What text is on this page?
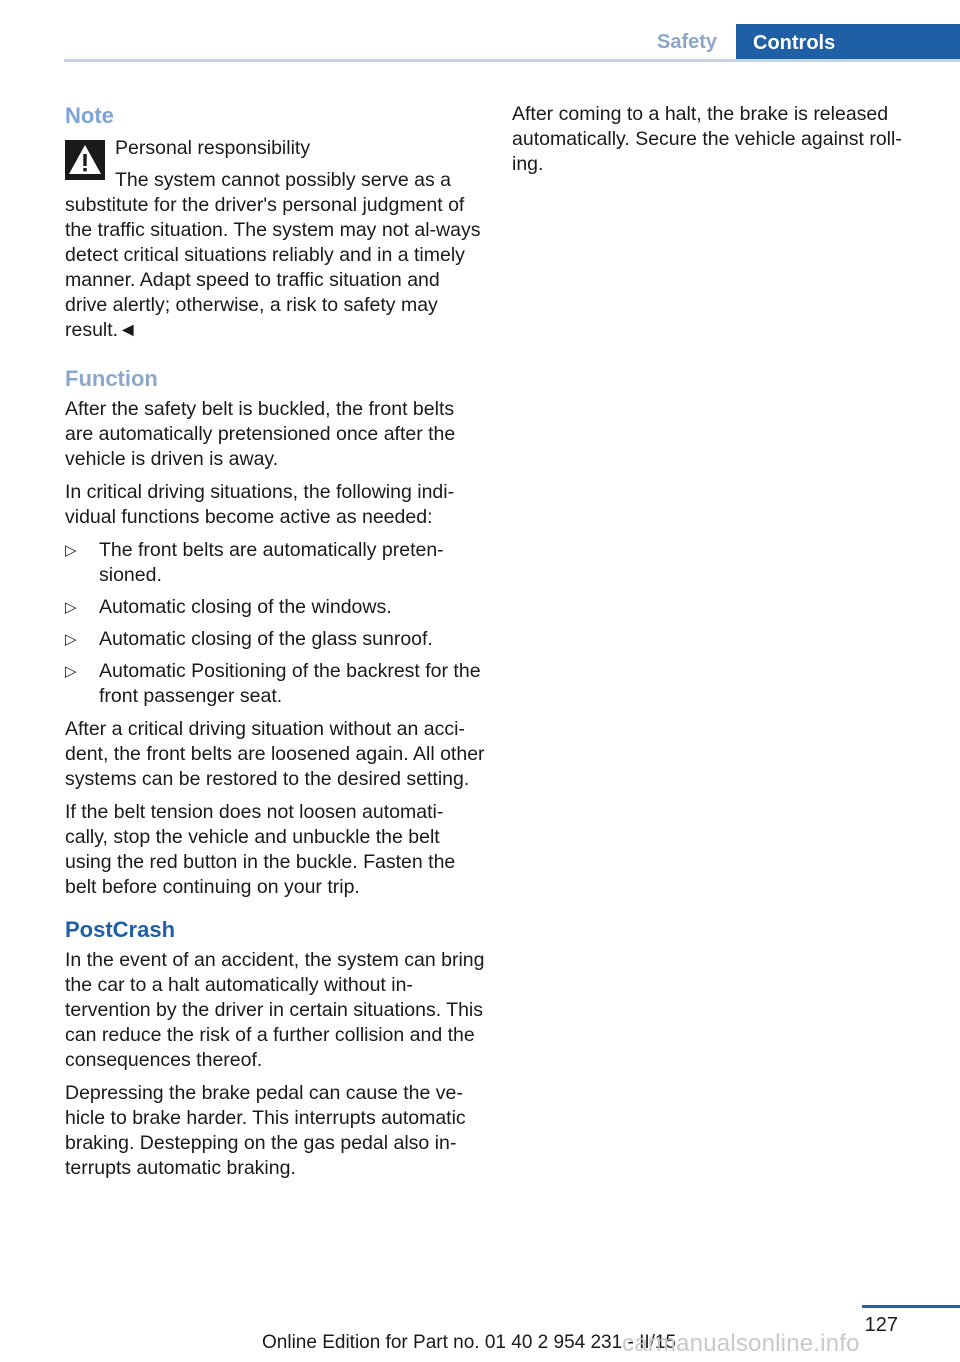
Safety	Controls
Note

Personal responsibility

The system cannot possibly serve as a substitute for the driver's personal judgment of the traffic situation. The system may not al-ways detect critical situations reliably and in a timely manner. Adapt speed to traffic situation and drive alertly; otherwise, a risk to safety may result.◄

Function

After the safety belt is buckled, the front belts are automatically pretensioned once after the vehicle is driven is away.

In critical driving situations, the following indi-vidual functions become active as needed:

▷ The front belts are automatically preten-sioned.
▷ Automatic closing of the windows.
▷ Automatic closing of the glass sunroof.
▷ Automatic Positioning of the backrest for the front passenger seat.

After a critical driving situation without an acci-dent, the front belts are loosened again. All other systems can be restored to the desired setting.

If the belt tension does not loosen automati-cally, stop the vehicle and unbuckle the belt using the red button in the buckle. Fasten the belt before continuing on your trip.

PostCrash

In the event of an accident, the system can bring the car to a halt automatically without in-tervention by the driver in certain situations. This can reduce the risk of a further collision and the consequences thereof.

Depressing the brake pedal can cause the ve-hicle to brake harder. This interrupts automatic braking. Destepping on the gas pedal also in-terrupts automatic braking.

After coming to a halt, the brake is released automatically. Secure the vehicle against roll-ing.

127
Online Edition for Part no. 01 40 2 954 231 - II/15
carmanualsonline.info
